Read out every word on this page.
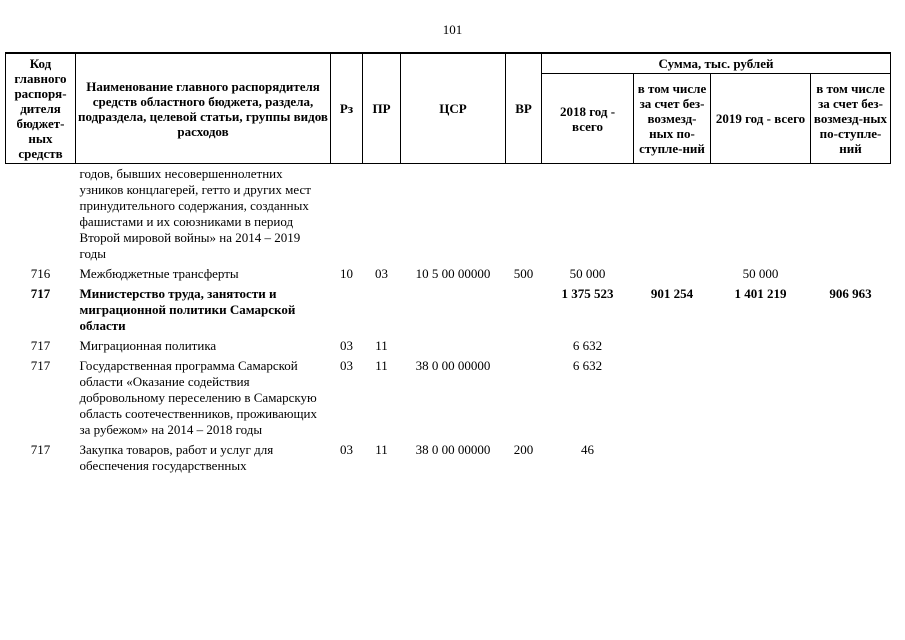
101
Код главного распоря-дителя бюджет-ных средств	Наименование главного распорядителя средств областного бюджета, раздела, подраздела, целевой статьи, группы видов расходов	Рз	ПР	ЦСР	ВР	Сумма, тыс. рублей			
						2018 год - всего	в том числе за счет без-возмезд-ных по-ступле-ний	2019 год - всего	в том числе за счет без-возмезд-ных по-ступле-ний
	годов, бывших несовершеннолетних узников концлагерей, гетто и других мест принудительного содержания, созданных фашистами и их союзниками в период Второй мировой войны» на 2014 – 2019 годы								
716	Межбюджетные трансферты	10	03	10 5 00 00000	500	50 000		50 000	
717	Министерство труда, занятости и миграционной политики Самарской области					1 375 523	901 254	1 401 219	906 963
717	Миграционная политика	03	11			6 632			
717	Государственная программа Самарской области «Оказание содействия добровольному переселению в Самарскую область соотечественников, проживающих за рубежом» на 2014 – 2018 годы	03	11	38 0 00 00000		6 632			
717	Закупка товаров, работ и услуг для обеспечения государственных	03	11	38 0 00 00000	200	46			
